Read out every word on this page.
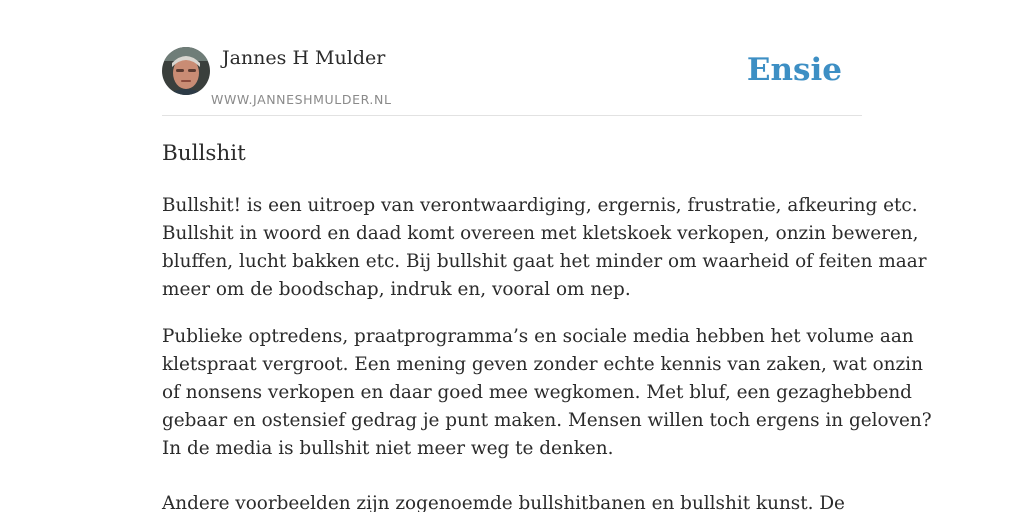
Jannes H Mulder
WWW.JANNESHMULDER.NL
Ensie
Bullshit

Bullshit! is een uitroep van verontwaardiging, ergernis, frustratie, afkeuring etc.
Bullshit in woord en daad komt overeen met kletskoek verkopen, onzin beweren,
bluffen, lucht bakken etc. Bij bullshit gaat het minder om waarheid of feiten maar
meer om de boodschap, indruk en, vooral om nep.

Publieke optredens, praatprogramma’s en sociale media hebben het volume aan
kletspraat vergroot. Een mening geven zonder echte kennis van zaken, wat onzin
of nonsens verkopen en daar goed mee wegkomen. Met bluf, een gezaghebbend
gebaar en ostensief gedrag je punt maken. Mensen willen toch ergens in geloven?
In de media is bullshit niet meer weg te denken.

Andere voorbeelden zijn zogenoemde bullshitbanen en bullshit kunst. De
